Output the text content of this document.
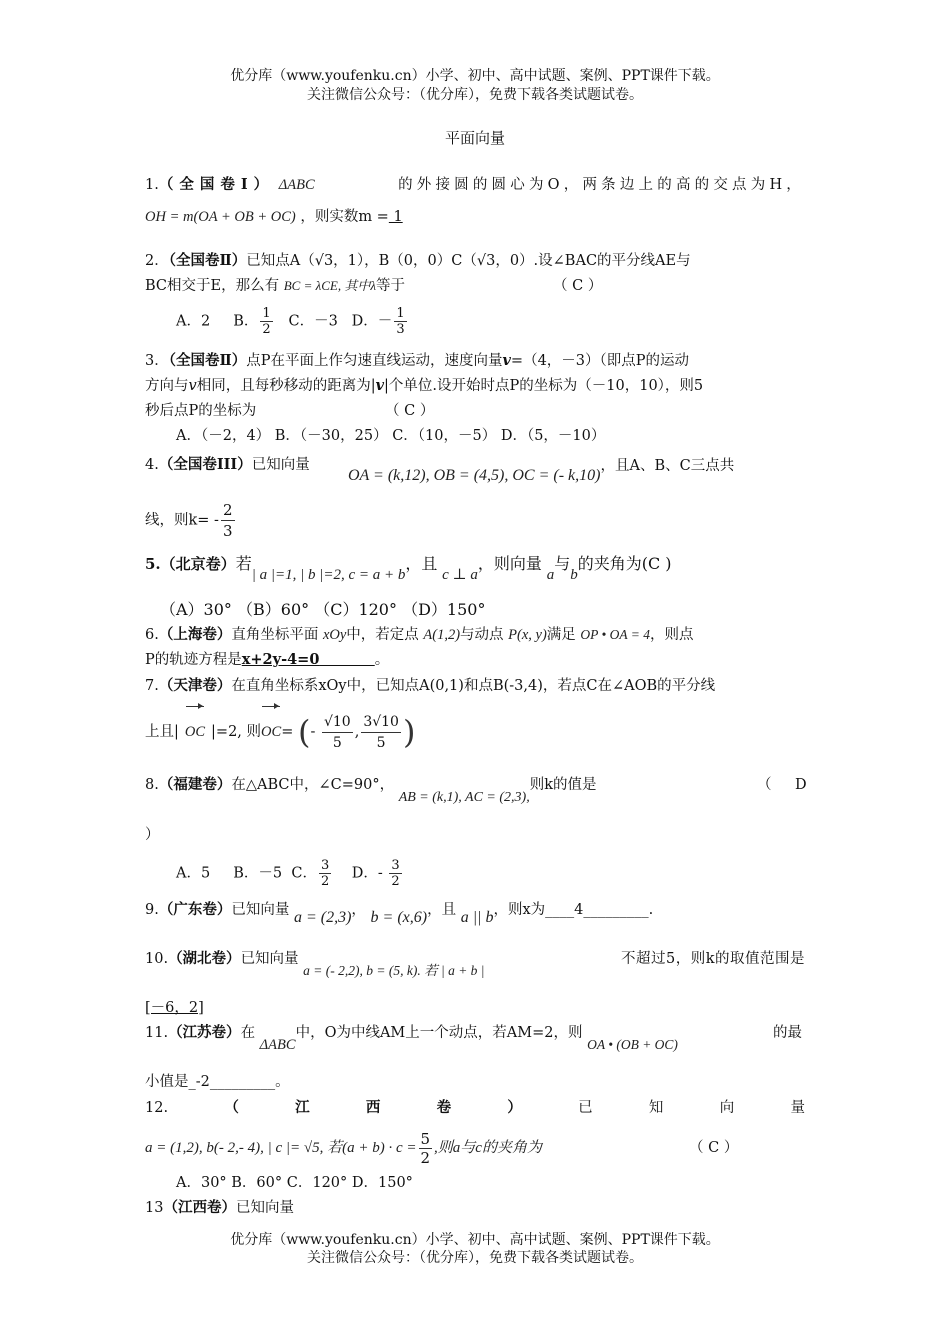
优分库（www.youfenku.cn）小学、初中、高中试题、案例、PPT课件下载。
关注微信公众号：（优分库），免费下载各类试题试卷。
平面向量
1.（全国卷Ⅰ） ΔABC	的外接圆的圆心为O，两条边上的高的交点为H，
OH = m(OA + OB + OC) ，则实数m = 1
2．（全国卷Ⅱ）已知点A（√3，1），B（0，0）C（√3，0）.设∠BAC的平分线AE与
BC相交于E，那么有 BC = λCE, 其中λ等于	（ C ）
A．2 B． $\frac{1}{2}$ C．－3 D．－ $\frac{1}{3}$
3．（全国卷Ⅱ）点P在平面上作匀速直线运动，速度向量v=（4，－3）（即点P的运动
方向与v相同，且每秒移动的距离为|v|个单位.设开始时点P的坐标为（－10，10），则5
秒后点P的坐标为	（ C ）
A．（－2，4） B．（－30，25） C．（10，－5） D．（5，－10）
4.（全国卷III）已知向量
OA = (k,12), OB = (4,5), OC = (- k,10)，且A、B、C三点共
线，则$k= - \frac{2}{3}$
5.（北京卷）若| a |=1, | b |=2, c = a + b，且 c ⊥ a，则向量 a与b的夹角为(C )
（A）30° （B）60° （C）120° （D）150°
6.（上海卷）直角坐标平面 xOy中，若定点 A(1,2)与动点 P(x, y)满足 OP • OA = 4，则点
P的轨迹方程是x+2y-4=0	。
7.（天津卷）在直角坐标系xOy中，已知点A(0,1)和点B(-3,4)，若点C在∠AOB的平分线
上且| OC |=2, 则OC= (- $\frac{√10}{5}$ , $\frac{3√10}{5}$ )
8.（福建卷）在△ABC中，∠C=90°， AB = (k,1), AC = (2,3),则k的值是	（ D
）
A．5 B．－5 C． $\frac{3}{2}$ D．- $\frac{3}{2}$
9.（广东卷）已知向量 a = (2,3)， b = (x,6)，且 a || b，则x为____4_________.
10.（湖北卷）已知向量 a = (- 2,2), b = (5, k). 若 | a + b |
不超过5，则k的取值范围是
[－6，2]
11.（江苏卷）在 ΔABC中，O为中线AM上一个动点，若AM=2，则 OA • (OB + OC)
的最
小值是_-2_________。
12.	（	江	西	卷	）	已	知	向	量
a = (1,2), b(- 2,- 4), | c |= √5, 若$(a + b) \cdot c = \frac{5}{2}$ ,则a与c的夹角为	（ C ）
A．30° B．60° C．120° D．150°
13（江西卷）已知向量
优分库（www.youfenku.cn）小学、初中、高中试题、案例、PPT课件下载。
关注微信公众号：（优分库），免费下载各类试题试卷。
